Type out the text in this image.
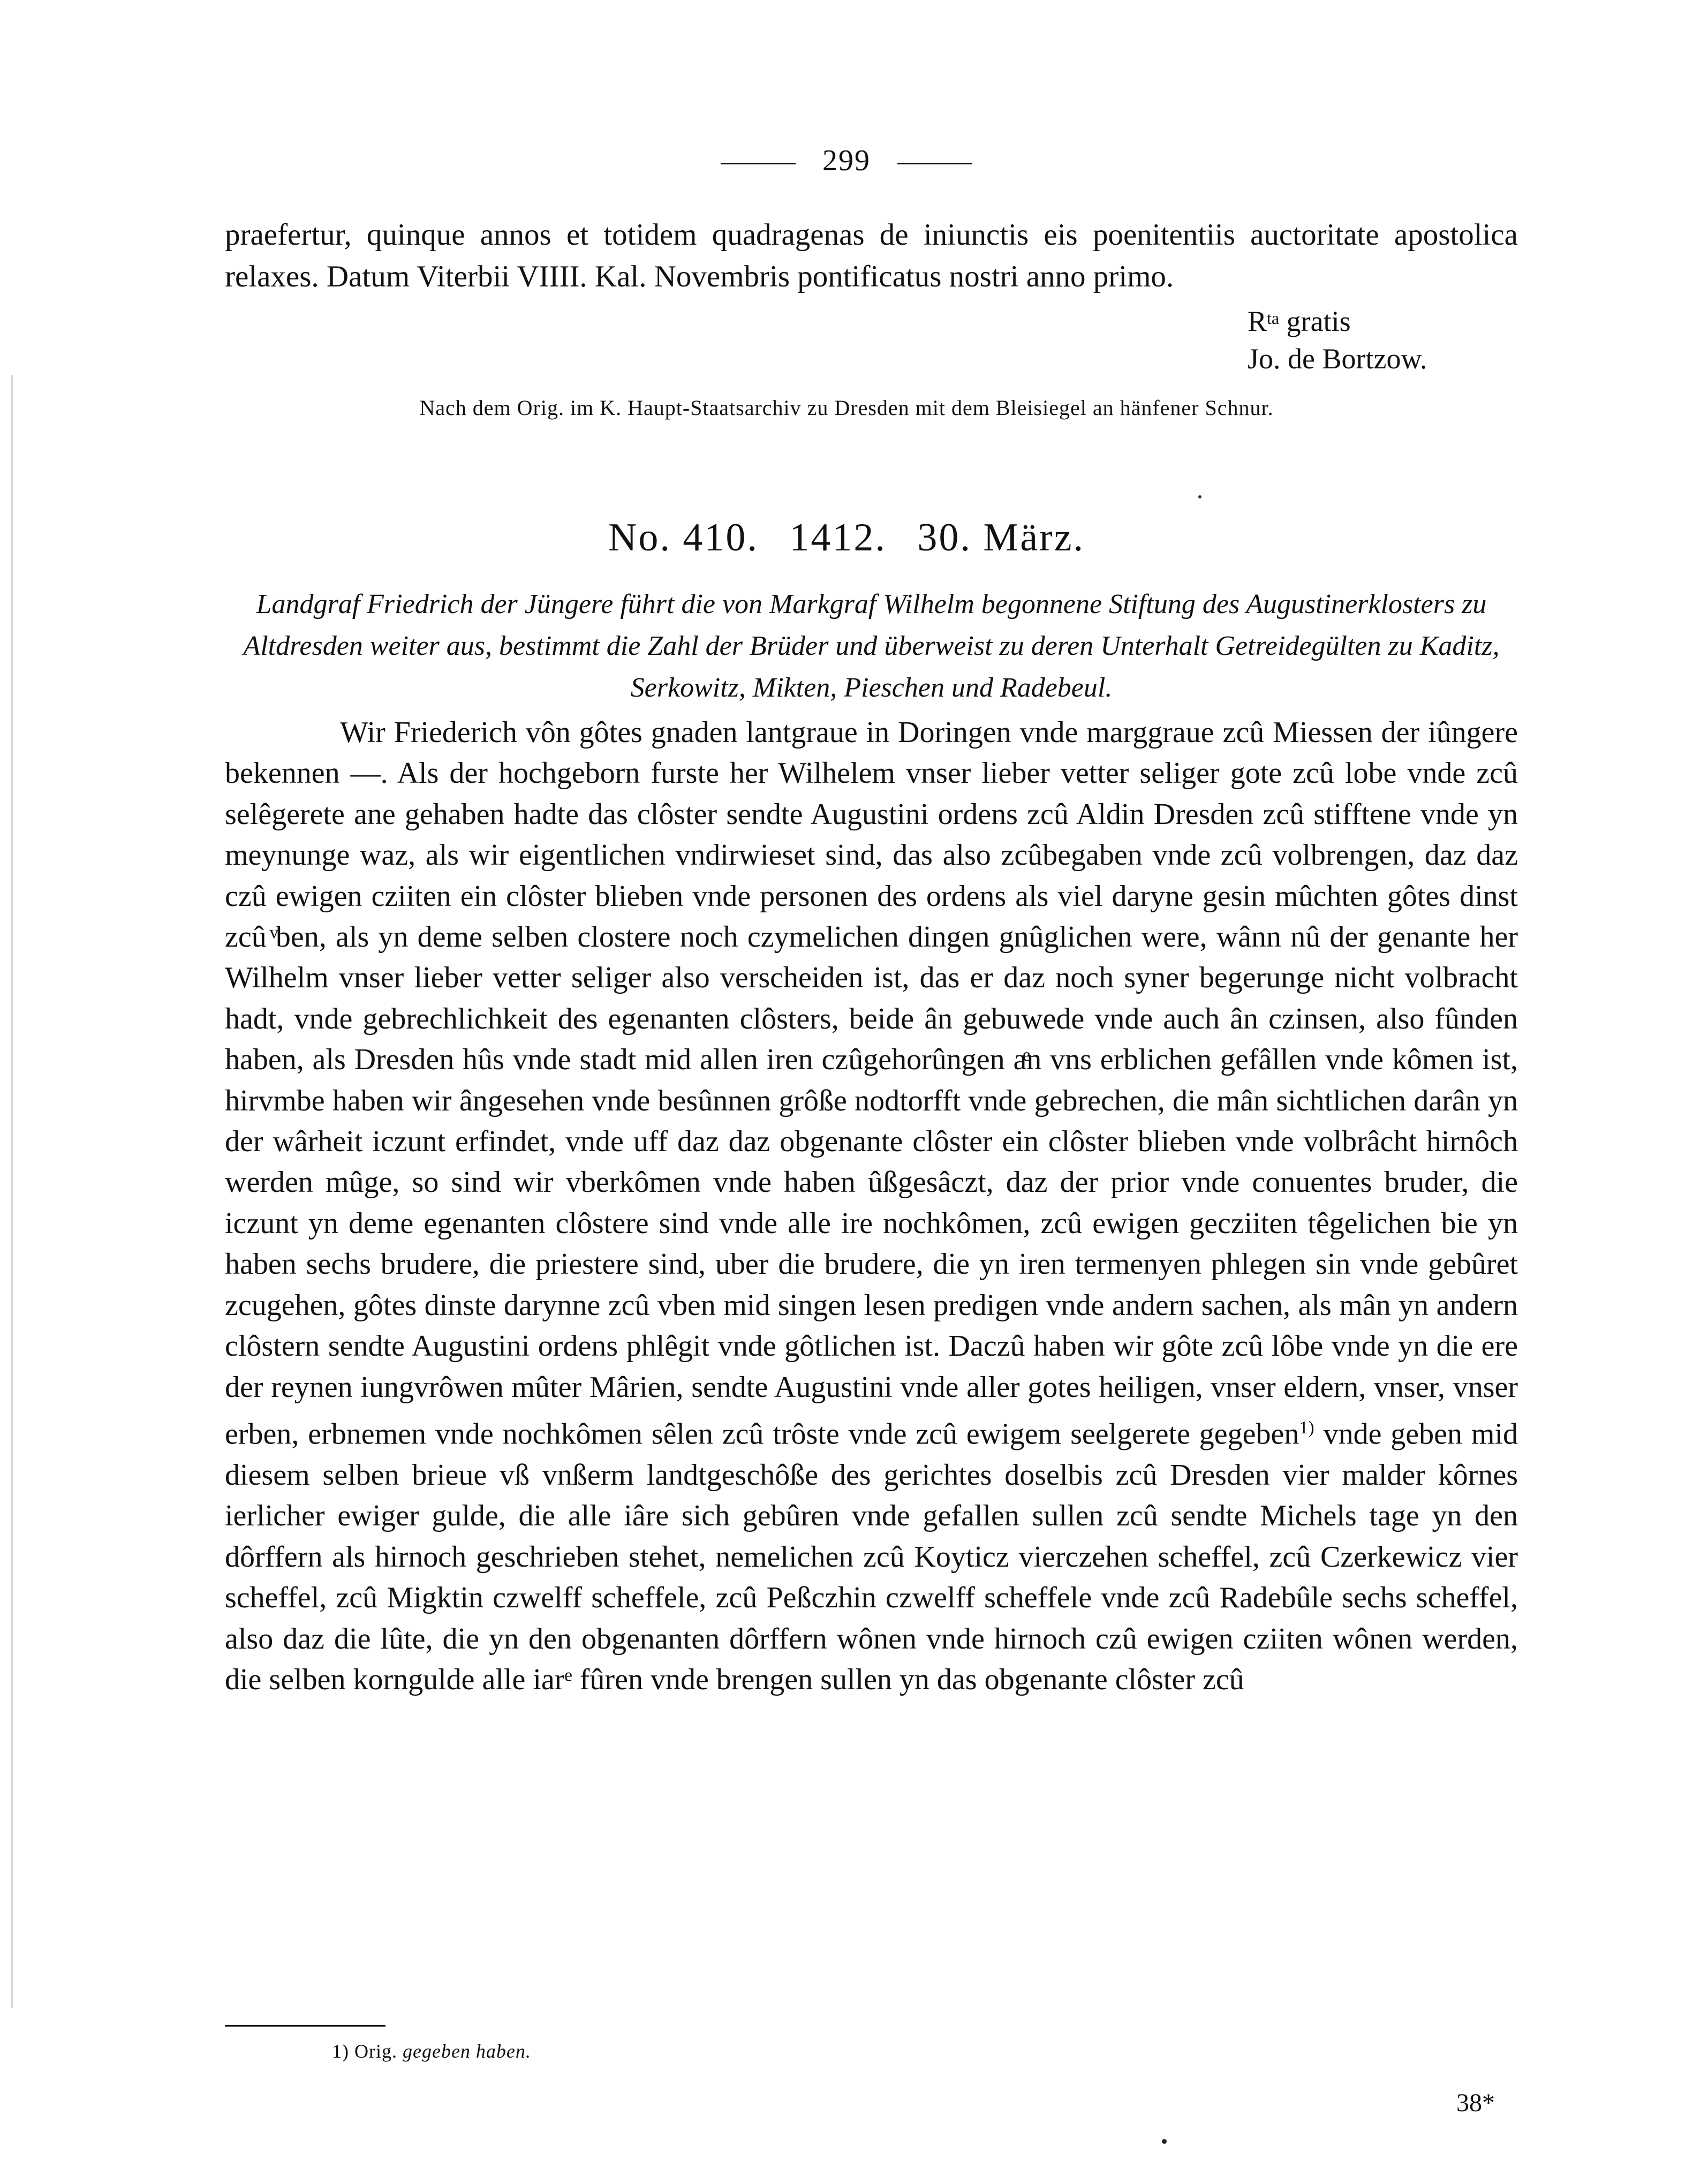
299
praefertur, quinque annos et totidem quadragenas de iniunctis eis poenitentiis auctoritate apostolica relaxes. Datum Viterbii VIIII. Kal. Novembris pontificatus nostri anno primo.
$R^{ta}$ gratis
Jo. de Bortzow.
Nach dem Orig. im K. Haupt-Staatsarchiv zu Dresden mit dem Bleisiegel an hänfener Schnur.
No. 410. 1412. 30. März.
Landgraf Friedrich der Jüngere führt die von Markgraf Wilhelm begonnene Stiftung des Augustinerklosters zu Altdresden weiter aus, bestimmt die Zahl der Brüder und überweist zu deren Unterhalt Getreidegülten zu Kaditz, Serkowitz, Mikten, Pieschen und Radebeul.
Wir Friederich vôn gôtes gnaden lantgraue in Doringen vnde marggraue zcû Miessen der iûngere bekennen —. Als der hochgeborn furste her Wilhelem vnser lieber vetter seliger gote zcû lobe vnde zcû selêgerete ane gehaben hadte das clôster sendte Augustini ordens zcû Aldin Dresden zcû stifftene vnde yn meynunge waz, als wir eigentlichen vndirwieset sind, das also zcûbegaben vnde zcû volbrengen, daz daz czû ewigen cziiten ein clôster blieben vnde personen des ordens als viel daryne gesin mûchten gôtes dinst zcû ͮben, als yn deme selben clostere noch czymelichen dingen gnûglichen were, wânn nû der genante her Wilhelm vnser lieber vetter seliger also verscheiden ist, das er daz noch syner begerunge nicht volbracht hadt, vnde gebrechlichkeit des egenanten clôsters, beide ân gebuwede vnde auch ân czinsen, also fûnden haben, als Dresden hûs vnde stadt mid allen iren czûgehorûngen aͤn vns erblichen gefâllen vnde kômen ist, hirvmbe haben wir ângesehen vnde besûnnen grôße nodtorfft vnde gebrechen, die mân sichtlichen darân yn der wârheit iczunt erfindet, vnde uff daz daz obgenante clôster ein clôster blieben vnde volbrâcht hirnôch werden mûge, so sind wir vberkômen vnde haben ûßgesâczt, daz der prior vnde conuentes bruder, die iczunt yn deme egenanten clôstere sind vnde alle ire nochkômen, zcû ewigen gecziiten têgelichen bie yn haben sechs brudere, die priestere sind, uber die brudere, die yn iren termenyen phlegen sin vnde gebûret zcugehen, gôtes dinste darynne zcû vben mid singen lesen predigen vnde andern sachen, als mân yn andern clôstern sendte Augustini ordens phlêgit vnde gôtlichen ist. Daczû haben wir gôte zcû lôbe vnde yn die ere der reynen iungvrôwen mûter Mârien, sendte Augustini vnde aller gotes heiligen, vnser eldern, vnser, vnser erben, erbnemen vnde nochkômen sêlen zcû trôste vnde zcû ewigem seelgerete gegeben$^{1)}$ vnde geben mid diesem selben brieue vß vnßerm landtgeschôße des gerichtes doselbis zcû Dresden vier malder kôrnes ierlicher ewiger gulde, die alle iâre sich gebûren vnde gefallen sullen zcû sendte Michels tage yn den dôrffern als hirnoch geschrieben stehet, nemelichen zcû Koyticz vierczehen scheffel, zcû Czerkewicz vier scheffel, zcû Migktin czwelff scheffele, zcû Peßczhin czwelff scheffele vnde zcû Radebûle sechs scheffel, also daz die lûte, die yn den obgenanten dôrffern wônen vnde hirnoch czû ewigen cziiten wônen werden, die selben korngulde alle iarᵉ fûren vnde brengen sullen yn das obgenante clôster zcû
1) Orig. gegeben haben.
38*
